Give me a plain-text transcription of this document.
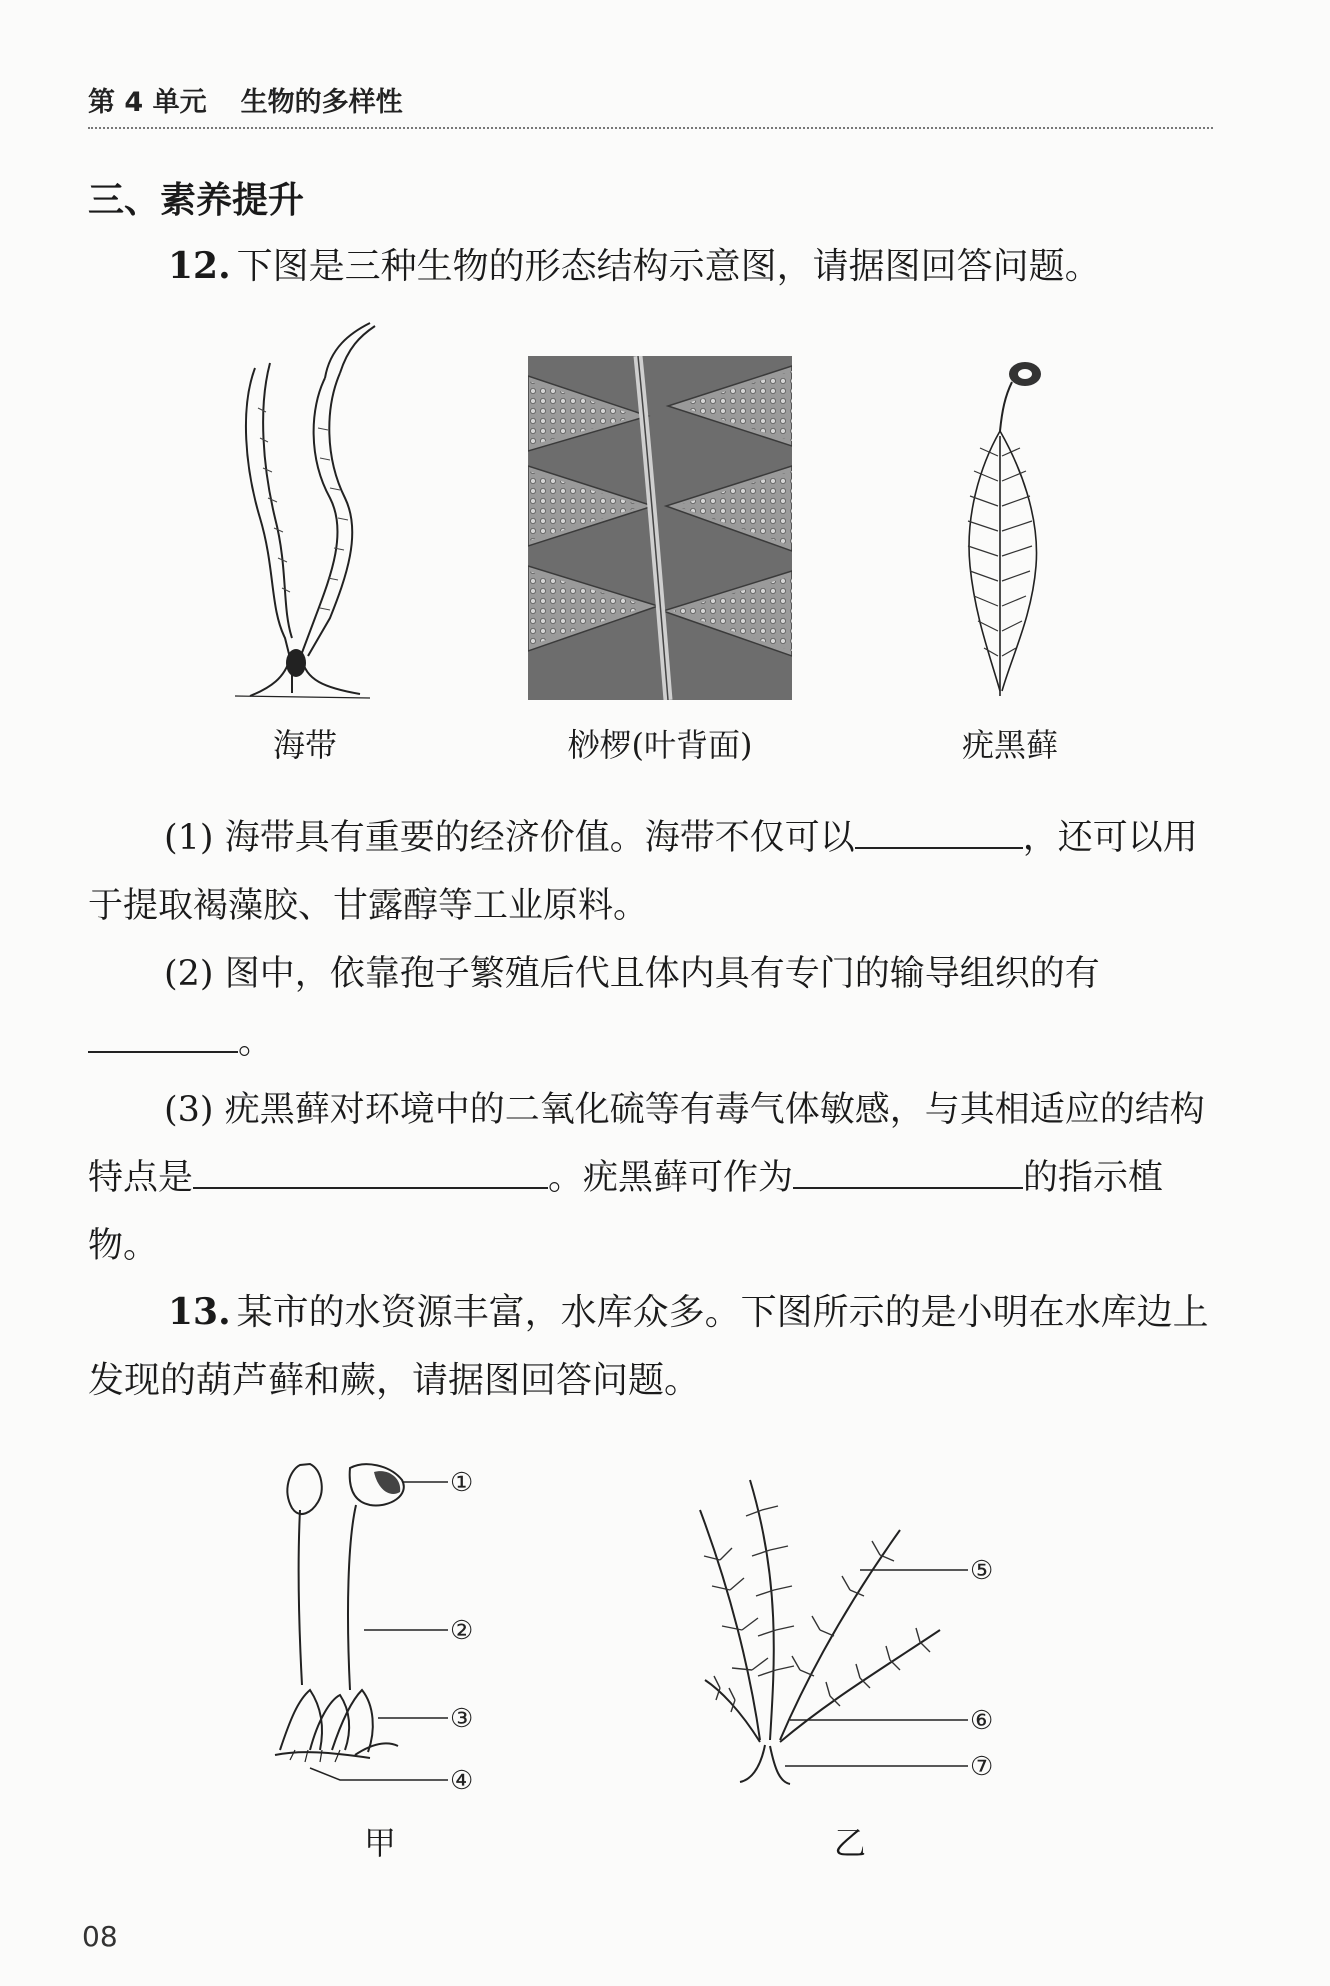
第 4 单元 生物的多样性
三、素养提升
12. 下图是三种生物的形态结构示意图，请据图回答问题。
海带	桫椤(叶背面)	疣黑藓
(1) 海带具有重要的经济价值。海带不仅可以	，还可以用于提取褐藻胶、甘露醇等工业原料。
(2) 图中，依靠孢子繁殖后代且体内具有专门的输导组织的有。
(3) 疣黑藓对环境中的二氧化硫等有毒气体敏感，与其相适应的结构特点是	。疣黑藓可作为	的指示植物。
13. 某市的水资源丰富，水库众多。下图所示的是小明在水库边上发现的葫芦藓和蕨，请据图回答问题。
①
②
③
④
甲
⑤
⑥
⑦
乙
08
